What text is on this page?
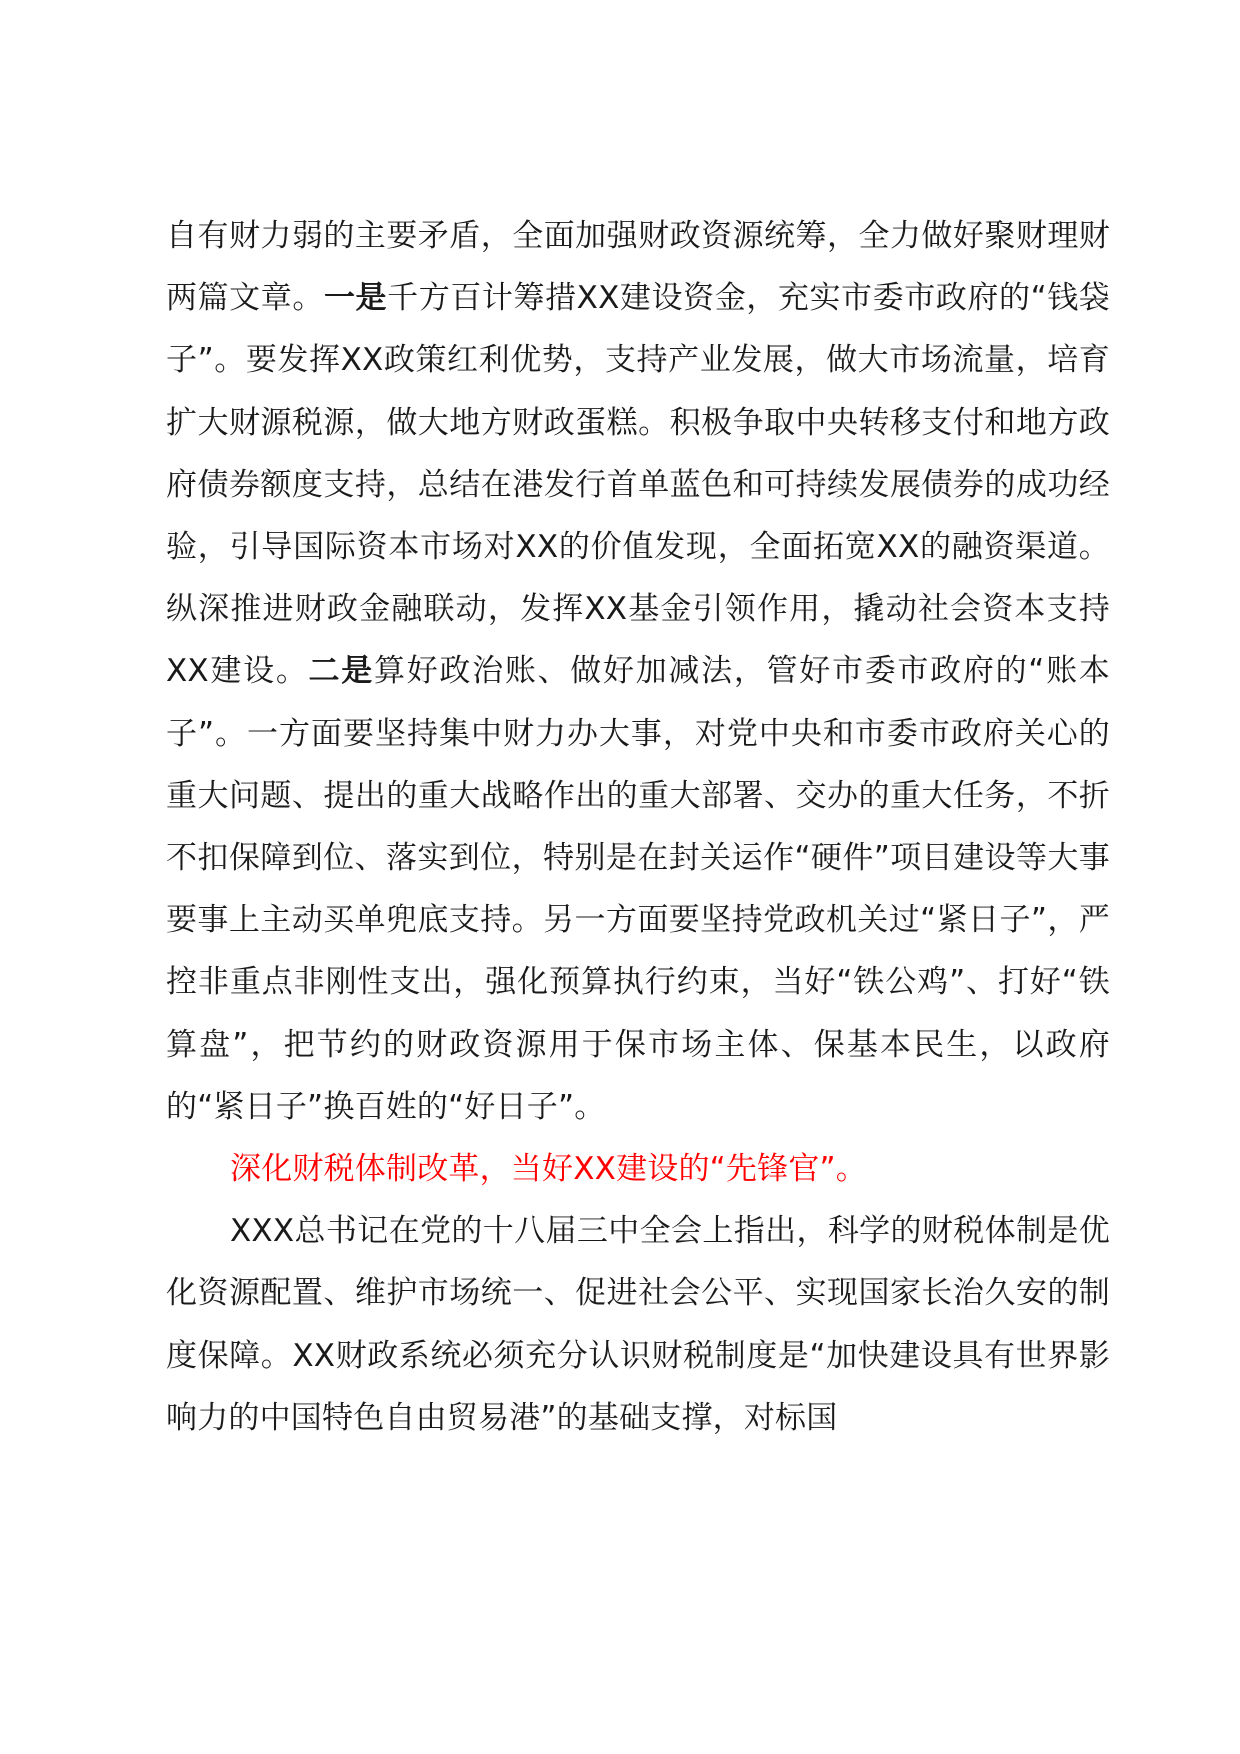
自有财力弱的主要矛盾，全面加强财政资源统筹，全力做好聚财理财两篇文章。一是千方百计筹措XX建设资金，充实市委市政府的“钱袋子”。要发挥XX政策红利优势，支持产业发展，做大市场流量，培育扩大财源税源，做大地方财政蛋糕。积极争取中央转移支付和地方政府债券额度支持，总结在港发行首单蓝色和可持续发展债券的成功经验，引导国际资本市场对XX的价值发现，全面拓宽XX的融资渠道。纵深推进财政金融联动，发挥XX基金引领作用，撬动社会资本支持XX建设。二是算好政治账、做好加减法，管好市委市政府的“账本子”。一方面要坚持集中财力办大事，对党中央和市委市政府关心的重大问题、提出的重大战略作出的重大部署、交办的重大任务，不折不扣保障到位、落实到位，特别是在封关运作“硬件”项目建设等大事要事上主动买单兜底支持。另一方面要坚持党政机关过“紧日子”，严控非重点非刚性支出，强化预算执行约束，当好“铁公鸡”、打好“铁算盘”，把节约的财政资源用于保市场主体、保基本民生，以政府的“紧日子”换百姓的“好日子”。

深化财税体制改革，当好XX建设的“先锋官”。

XXX总书记在党的十八届三中全会上指出，科学的财税体制是优化资源配置、维护市场统一、促进社会公平、实现国家长治久安的制度保障。XX财政系统必须充分认识财税制度是“加快建设具有世界影响力的中国特色自由贸易港”的基础支撑，对标国
